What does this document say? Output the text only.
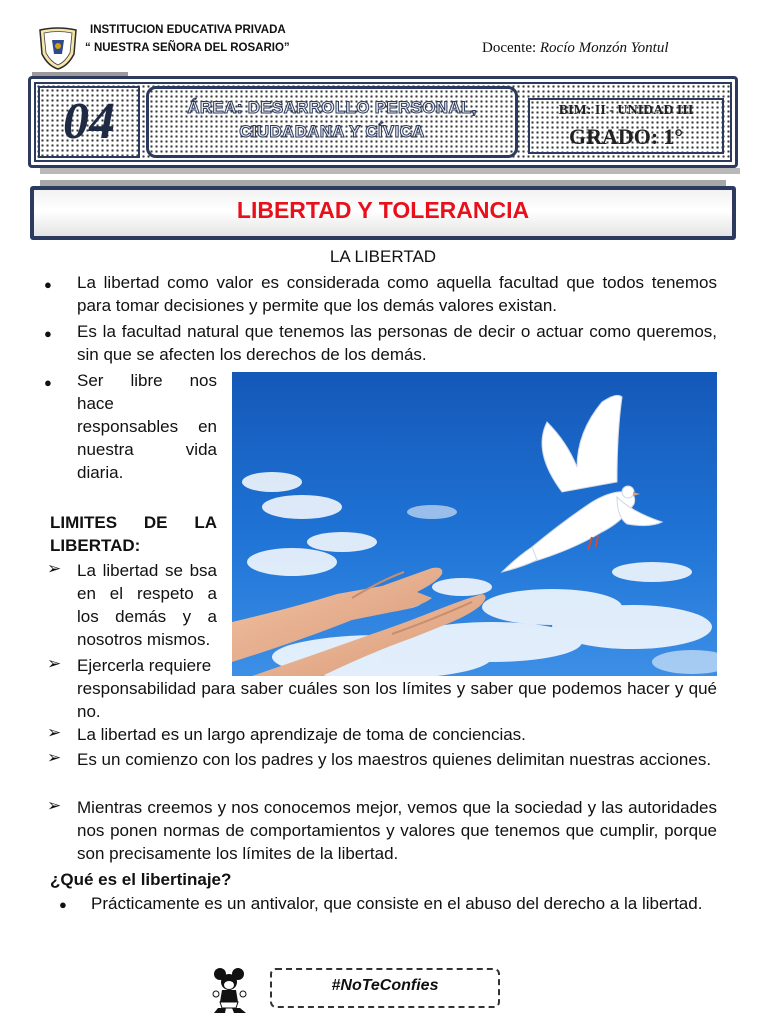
INSTITUCION EDUCATIVA PRIVADA
“ NUESTRA SEÑORA DEL ROSARIO”	Docente: Rocío Monzón Yontul
04	ÁREA: DESARROLLO PERSONAL,
CIUDADANA Y CÍVICA
BIM: II - UNIDAD III
GRADO: 1°
LIBERTAD Y TOLERANCIA
LA LIBERTAD
● La libertad como valor es considerada como aquella facultad que todos tenemos para tomar decisiones y permite que los demás valores existan.
● Es la facultad natural que tenemos las personas de decir o actuar como queremos, sin que se afecten los derechos de los demás.
● Ser libre nos
hace
responsables en
nuestra vida
diaria.
LIMITES DE LA
LIBERTAD:
➢ La libertad se bsa
en el respeto a
los demás y a
nosotros mismos.
➢ Ejercerla requiere
responsabilidad para saber cuáles son los límites y saber que podemos hacer y qué no.
➢ La libertad es un largo aprendizaje de toma de conciencias.
➢ Es un comienzo con los padres y los maestros quienes delimitan nuestras acciones.
➢ Mientras creemos y nos conocemos mejor, vemos que la sociedad y las autoridades nos ponen normas de comportamientos y valores que tenemos que cumplir, porque son precisamente los límites de la libertad.
¿Qué es el libertinaje?
● Prácticamente es un antivalor, que consiste en el abuso del derecho a la libertad.
#NoTeConfies
